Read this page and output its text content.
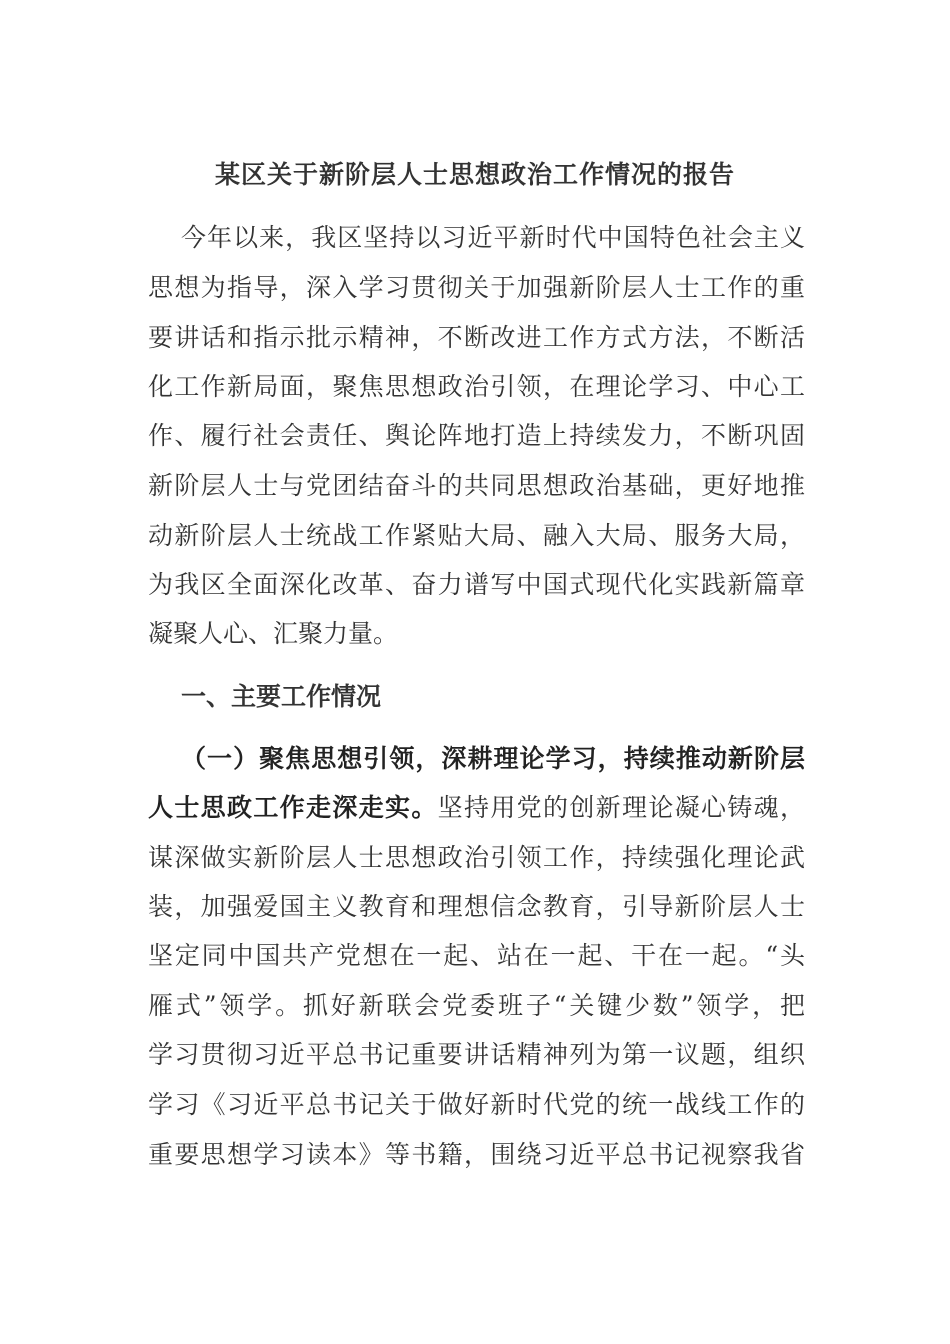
某区关于新阶层人士思想政治工作情况的报告
今年以来，我区坚持以习近平新时代中国特色社会主义
思想为指导，深入学习贯彻关于加强新阶层人士工作的重
要讲话和指示批示精神，不断改进工作方式方法，不断活
化工作新局面，聚焦思想政治引领，在理论学习、中心工
作、履行社会责任、舆论阵地打造上持续发力，不断巩固
新阶层人士与党团结奋斗的共同思想政治基础，更好地推
动新阶层人士统战工作紧贴大局、融入大局、服务大局，
为我区全面深化改革、奋力谱写中国式现代化实践新篇章
凝聚人心、汇聚力量。
一、主要工作情况
（一）聚焦思想引领，深耕理论学习，持续推动新阶层
人士思政工作走深走实。坚持用党的创新理论凝心铸魂，
谋深做实新阶层人士思想政治引领工作，持续强化理论武
装，加强爱国主义教育和理想信念教育，引导新阶层人士
坚定同中国共产党想在一起、站在一起、干在一起。“头
雁式”领学。抓好新联会党委班子“关键少数”领学，把
学习贯彻习近平总书记重要讲话精神列为第一议题，组织
学习《习近平总书记关于做好新时代党的统一战线工作的
重要思想学习读本》等书籍，围绕习近平总书记视察我省
